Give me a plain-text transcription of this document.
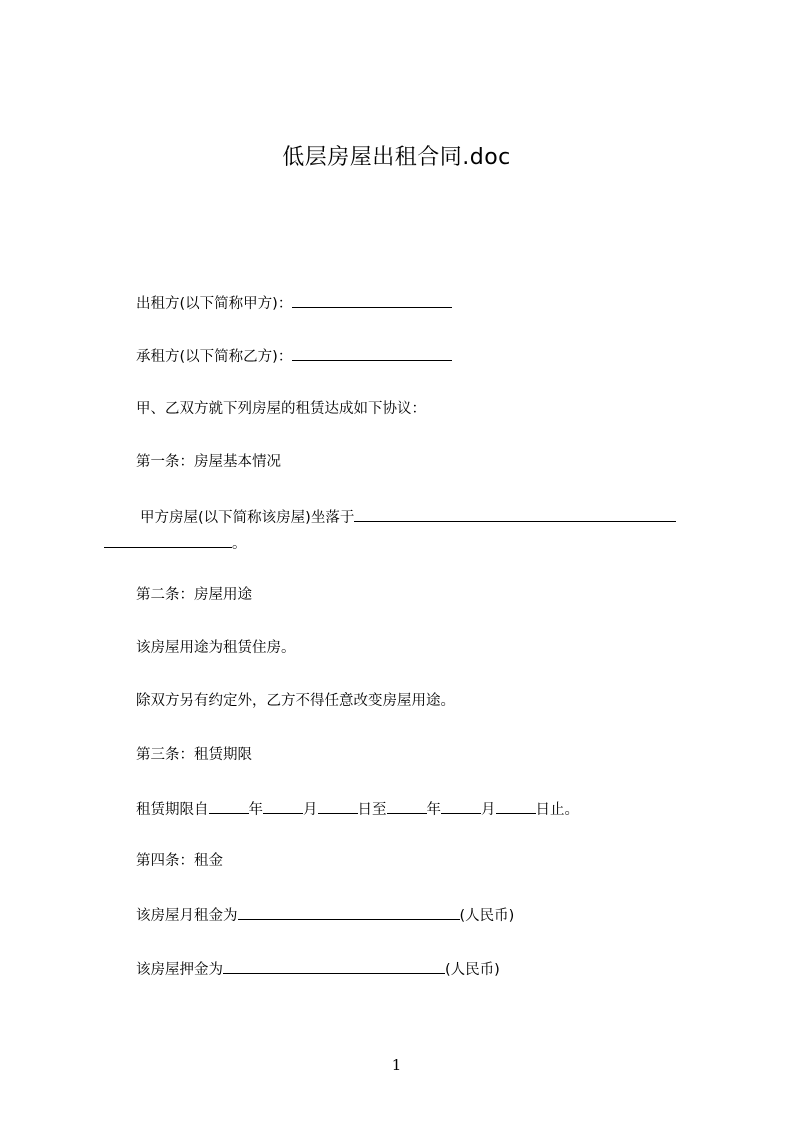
低层房屋出租合同.doc
出租方(以下简称甲方)：
承租方(以下简称乙方)：
甲、乙双方就下列房屋的租赁达成如下协议：
第一条：房屋基本情况
甲方房屋(以下简称该房屋)坐落于
。
第二条：房屋用途
该房屋用途为租赁住房。
除双方另有约定外，乙方不得任意改变房屋用途。
第三条：租赁期限
租赁期限自	年	月	日至	年	月	日止。
第四条：租金
该房屋月租金为	(人民币)
该房屋押金为	(人民币)
1
